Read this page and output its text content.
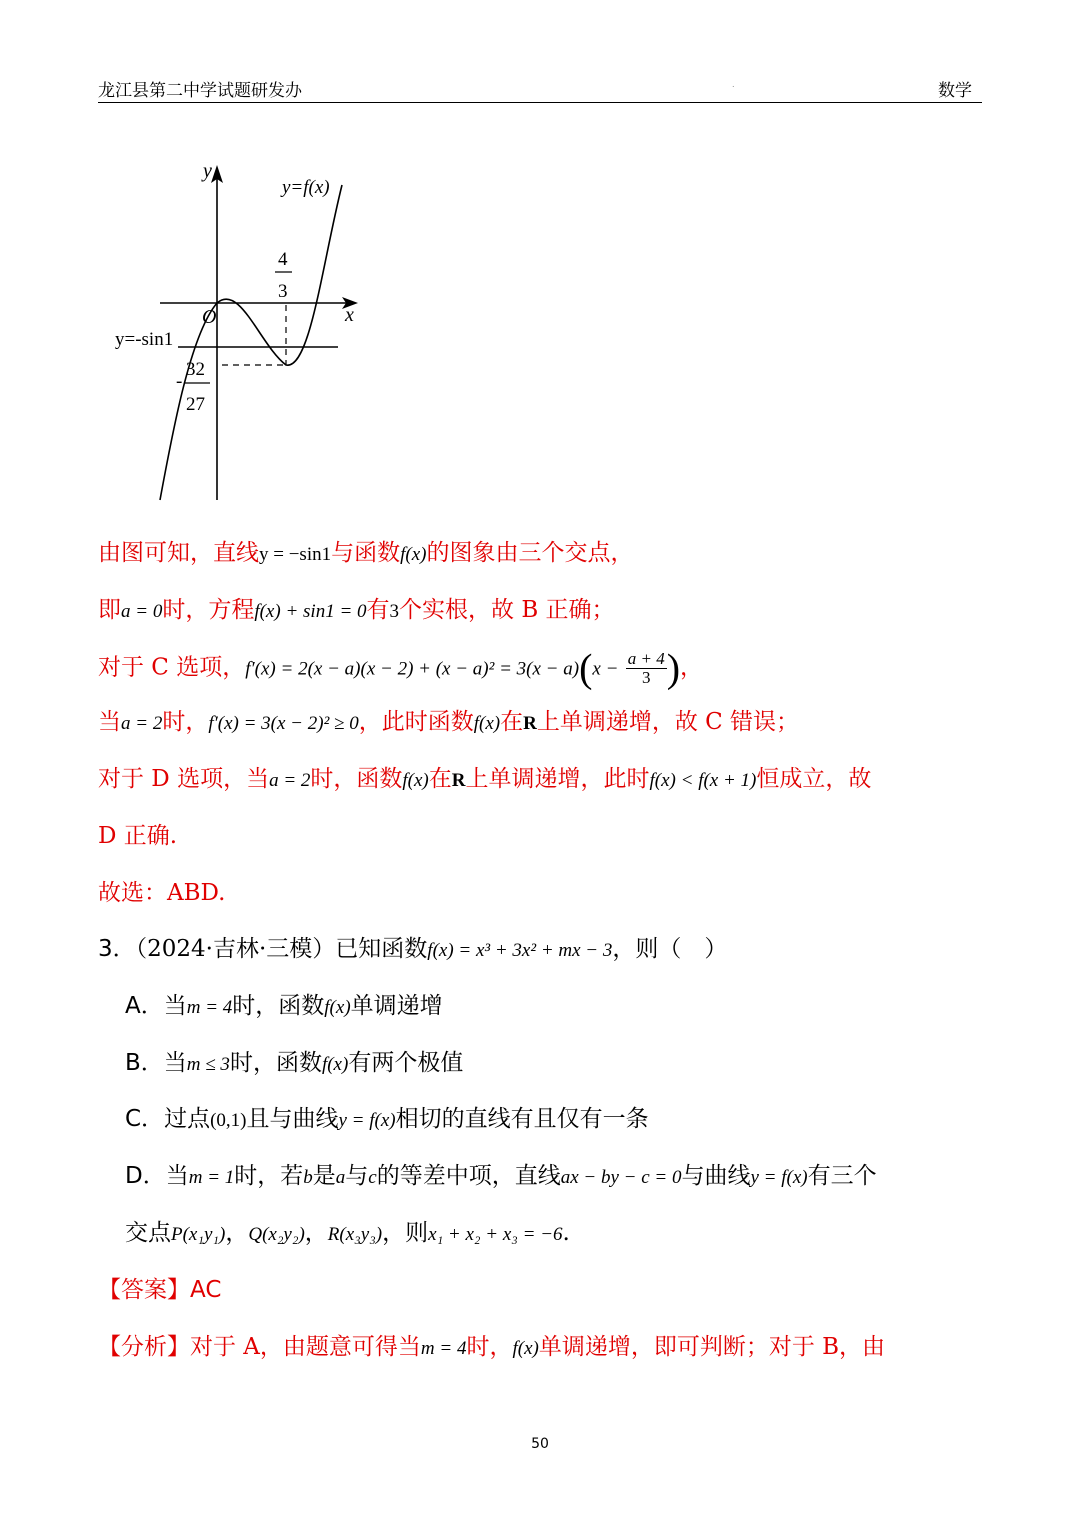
龙江县第二中学试题研发办	.	数学
y
x
O
y=f(x)
y=-sin1
4
3
-
32
27
由图可知，直线y = −sin1与函数f(x)的图象由三个交点，
即a = 0时，方程f(x) + sin1 = 0有3个实根，故 B 正确；
对于 C 选项，$f'(x) = 2(x - a)(x - 2) + (x - a)^2 = 3(x - a)(x - \frac{a + 4}{3}$ )，
当a = 2时，f′(x) = 3(x − 2)² ≥ 0，此时函数f(x)在R上单调递增，故 C 错误；
对于 D 选项，当a = 2时，函数f(x)在R上单调递增，此时f(x) < f(x + 1)恒成立，故
D 正确.
故选：ABD.
3．（2024·吉林·三模）已知函数f(x) = x³ + 3x² + mx − 3，则（　）
A．当m = 4时，函数f(x)单调递增
B．当m ≤ 3时，函数f(x)有两个极值
C．过点(0,1)且与曲线y = f(x)相切的直线有且仅有一条
D．当m = 1时，若b是a与c的等差中项，直线ax − by − c = 0与曲线y = f(x)有三个
交点P(x₁y₁)，Q(x₂y₂)，R(x₃y₃)，则x₁ + x₂ + x₃ = −6.
【答案】AC
【分析】对于 A，由题意可得当m = 4时，f(x)单调递增，即可判断；对于 B，由
50
